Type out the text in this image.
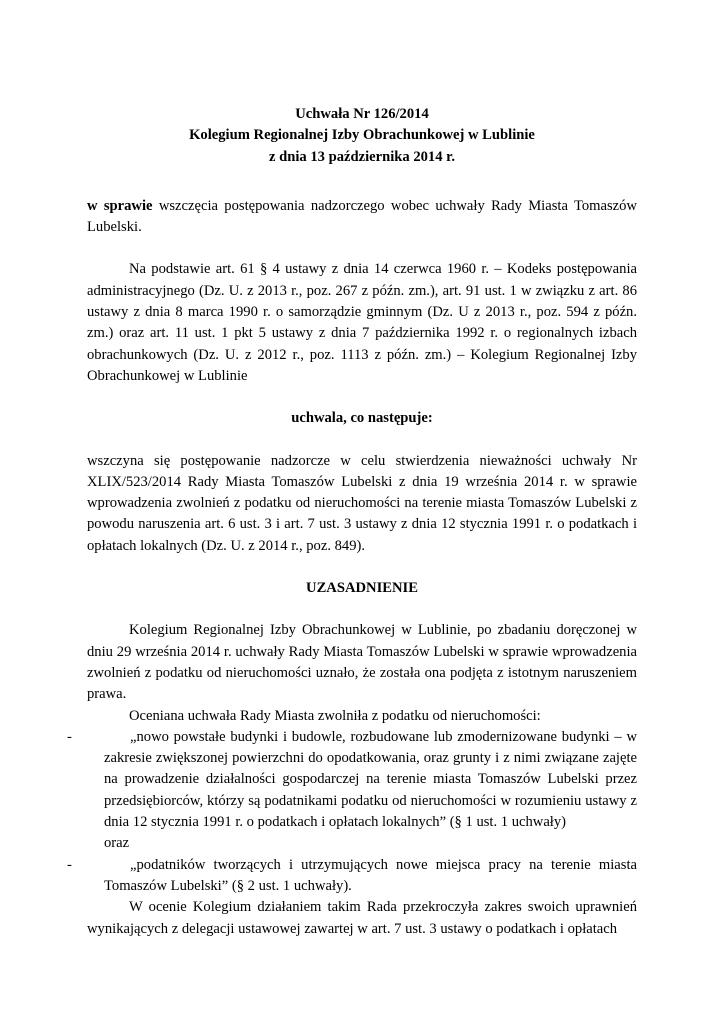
Uchwała Nr 126/2014

Kolegium Regionalnej Izby Obrachunkowej w Lublinie

z dnia 13 października 2014 r.

w sprawie wszczęcia postępowania nadzorczego wobec uchwały Rady Miasta Tomaszów Lubelski.

Na podstawie art. 61 § 4 ustawy z dnia 14 czerwca 1960 r. – Kodeks postępowania administracyjnego (Dz. U. z 2013 r., poz. 267 z późn. zm.), art. 91 ust. 1 w związku z art. 86 ustawy z dnia 8 marca 1990 r. o samorządzie gminnym (Dz. U z 2013 r., poz. 594 z późn. zm.) oraz art. 11 ust. 1 pkt 5 ustawy z dnia 7 października 1992 r. o regionalnych izbach obrachunkowych (Dz. U. z 2012 r., poz. 1113 z późn. zm.) – Kolegium Regionalnej Izby Obrachunkowej w Lublinie

uchwala, co następuje:

wszczyna się postępowanie nadzorcze w celu stwierdzenia nieważności uchwały Nr XLIX/523/2014 Rady Miasta Tomaszów Lubelski z dnia 19 września 2014 r. w sprawie wprowadzenia zwolnień z podatku od nieruchomości na terenie miasta Tomaszów Lubelski z powodu naruszenia art. 6 ust. 3 i art. 7 ust. 3 ustawy z dnia 12 stycznia 1991 r. o podatkach i opłatach lokalnych (Dz. U. z 2014 r., poz. 849).

UZASADNIENIE

Kolegium Regionalnej Izby Obrachunkowej w Lublinie, po zbadaniu doręczonej w dniu 29 września 2014 r. uchwały Rady Miasta Tomaszów Lubelski w sprawie wprowadzenia zwolnień z podatku od nieruchomości uznało, że została ona podjęta z istotnym naruszeniem prawa.

Oceniana uchwała Rady Miasta zwolniła z podatku od nieruchomości:

-	„nowo powstałe budynki i budowle, rozbudowane lub zmodernizowane budynki – w zakresie zwiększonej powierzchni do opodatkowania, oraz grunty i z nimi związane zajęte na prowadzenie działalności gospodarczej na terenie miasta Tomaszów Lubelski przez przedsiębiorców, którzy są podatnikami podatku od nieruchomości w rozumieniu ustawy z dnia 12 stycznia 1991 r. o podatkach i opłatach lokalnych” (§ 1 ust. 1 uchwały)

oraz

-	„podatników tworzących i utrzymujących nowe miejsca pracy na terenie miasta Tomaszów Lubelski” (§ 2 ust. 1 uchwały).

W ocenie Kolegium działaniem takim Rada przekroczyła zakres swoich uprawnień wynikających z delegacji ustawowej zawartej w art. 7 ust. 3 ustawy o podatkach i opłatach
